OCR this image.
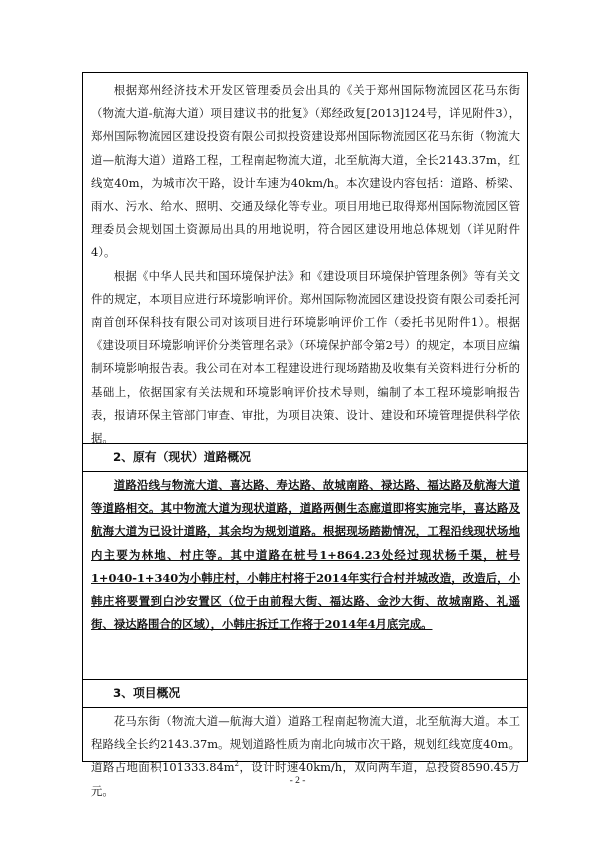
根据郑州经济技术开发区管理委员会出具的《关于郑州国际物流园区花马东街（物流大道-航海大道）项目建议书的批复》（郑经政复[2013]124号，详见附件3），郑州国际物流园区建设投资有限公司拟投资建设郑州国际物流园区花马东街（物流大道—航海大道）道路工程，工程南起物流大道，北至航海大道，全长2143.37m，红线宽40m，为城市次干路，设计车速为40km/h。本次建设内容包括：道路、桥梁、雨水、污水、给水、照明、交通及绿化等专业。项目用地已取得郑州国际物流园区管理委员会规划国土资源局出具的用地说明，符合园区建设用地总体规划（详见附件4）。

根据《中华人民共和国环境保护法》和《建设项目环境保护管理条例》等有关文件的规定，本项目应进行环境影响评价。郑州国际物流园区建设投资有限公司委托河南首创环保科技有限公司对该项目进行环境影响评价工作（委托书见附件1）。根据《建设项目环境影响评价分类管理名录》（环境保护部令第2号）的规定，本项目应编制环境影响报告表。我公司在对本工程建设进行现场踏勘及收集有关资料进行分析的基础上，依据国家有关法规和环境影响评价技术导则，编制了本工程环境影响报告表，报请环保主管部门审查、审批，为项目决策、设计、建设和环境管理提供科学依据。

2、原有（现状）道路概况

道路沿线与物流大道、喜达路、寿达路、故城南路、禄达路、福达路及航海大道等道路相交。其中物流大道为现状道路，道路两侧生态廊道即将实施完毕，喜达路及航海大道为已设计道路，其余均为规划道路。根据现场踏勘情况，工程沿线现状场地内主要为林地、村庄等。其中道路在桩号1+864.23处经过现状杨千渠，桩号1+040-1+340为小韩庄村，小韩庄村将于2014年实行合村并城改造，改造后，小韩庄将要置到白沙安置区（位于由前程大街、福达路、金沙大街、故城南路、礼遥街、禄达路围合的区域），小韩庄拆迁工作将于2014年4月底完成。

3、项目概况

花马东街（物流大道—航海大道）道路工程南起物流大道，北至航海大道。本工程路线全长约2143.37m。规划道路性质为南北向城市次干路，规划红线宽度40m。道路占地面积$101333.84m^2$，设计时速40km/h，双向两车道，总投资8590.45万元。

- 2 -
